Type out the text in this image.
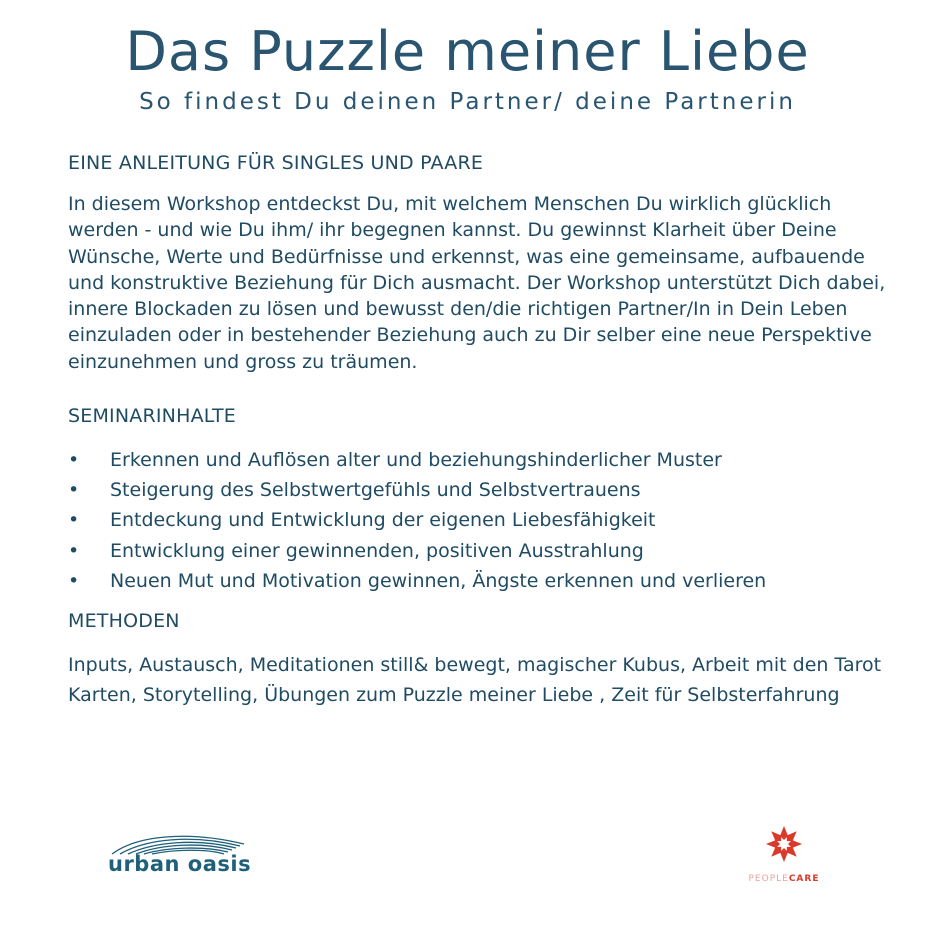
Das Puzzle meiner Liebe
So findest Du deinen Partner/ deine Partnerin
EINE ANLEITUNG FÜR SINGLES UND PAARE
In diesem Workshop entdeckst Du, mit welchem Menschen Du wirklich glücklich werden - und wie Du ihm/ ihr begegnen kannst. Du gewinnst Klarheit über Deine Wünsche, Werte und Bedürfnisse und erkennst, was eine gemeinsame, aufbauende und konstruktive Beziehung für Dich ausmacht. Der Workshop unterstützt Dich dabei, innere Blockaden zu lösen und bewusst den/die richtigen Partner/In in Dein Leben einzuladen oder in bestehender Beziehung auch zu Dir selber eine neue Perspektive einzunehmen und gross zu träumen.
SEMINARINHALTE
• Erkennen und Auflösen alter und beziehungshinderlicher Muster
• Steigerung des Selbstwertgefühls und Selbstvertrauens
• Entdeckung und Entwicklung der eigenen Liebesfähigkeit
• Entwicklung einer gewinnenden, positiven Ausstrahlung
• Neuen Mut und Motivation gewinnen, Ängste erkennen und verlieren
METHODEN
Inputs, Austausch, Meditationen still& bewegt, magischer Kubus, Arbeit mit den Tarot Karten, Storytelling, Übungen zum Puzzle meiner Liebe , Zeit für Selbsterfahrung
urban oasis
PEOPLECARE
